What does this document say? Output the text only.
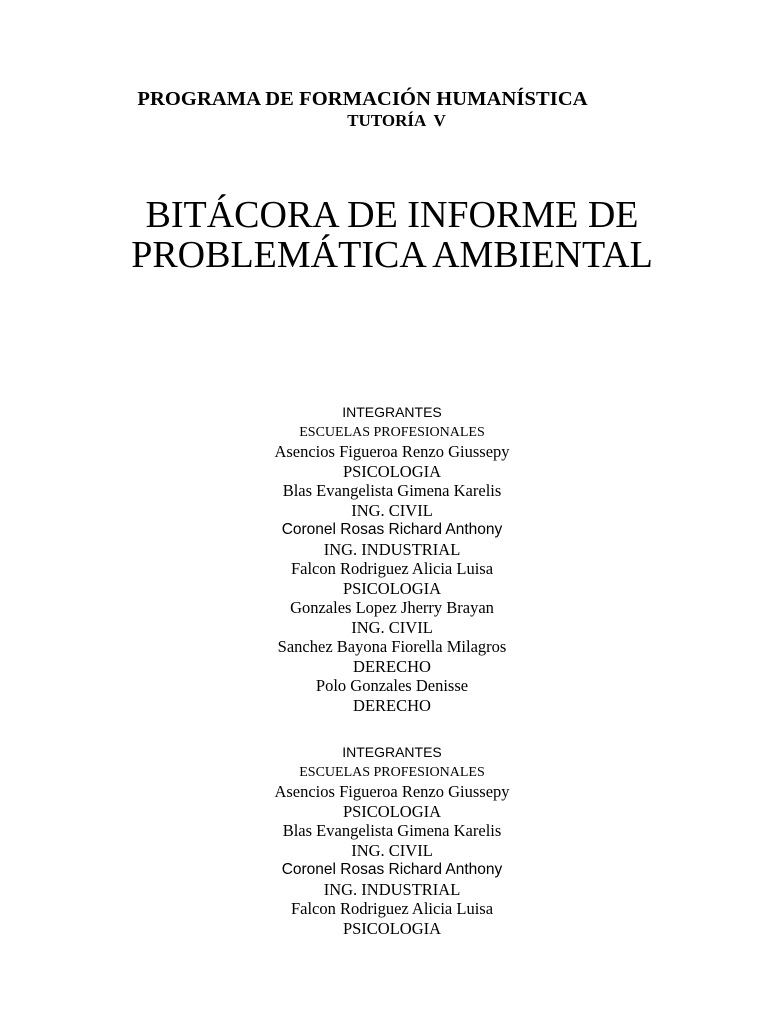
PROGRAMA DE FORMACIÓN HUMANÍSTICA
TUTORÍA  V
BITÁCORA DE INFORME DE
PROBLEMÁTICA AMBIENTAL
INTEGRANTES
ESCUELAS PROFESIONALES
Asencios Figueroa Renzo Giussepy
PSICOLOGIA
Blas Evangelista Gimena Karelis
ING. CIVIL
Coronel Rosas Richard Anthony
ING. INDUSTRIAL
Falcon Rodriguez Alicia Luisa
PSICOLOGIA
Gonzales Lopez Jherry Brayan
ING. CIVIL
Sanchez Bayona Fiorella Milagros
DERECHO
Polo Gonzales Denisse
DERECHO
INTEGRANTES
ESCUELAS PROFESIONALES
Asencios Figueroa Renzo Giussepy
PSICOLOGIA
Blas Evangelista Gimena Karelis
ING. CIVIL
Coronel Rosas Richard Anthony
ING. INDUSTRIAL
Falcon Rodriguez Alicia Luisa
PSICOLOGIA
